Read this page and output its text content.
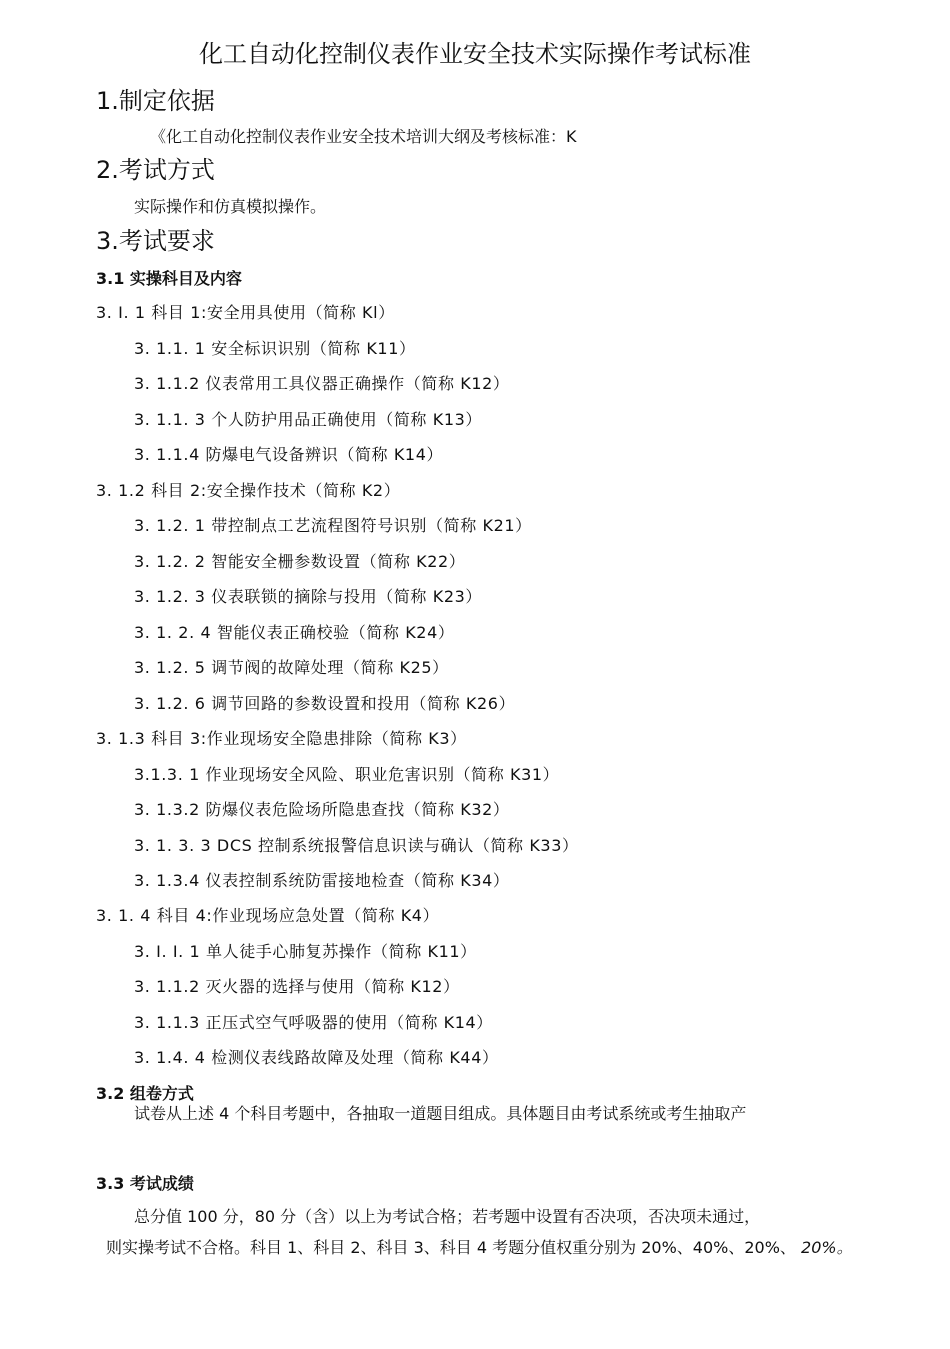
化工自动化控制仪表作业安全技术实际操作考试标准
1.制定依据
《化工自动化控制仪表作业安全技术培训大纲及考核标准：K
2.考试方式
实际操作和仿真模拟操作。
3.考试要求
3.1 实操科目及内容
3. I. 1 科目 1:安全用具使用（简称 Kl）
3. 1.1. 1 安全标识识别（简称 K11）
3. 1.1.2 仪表常用工具仪器正确操作（简称 K12）
3. 1.1. 3 个人防护用品正确使用（简称 K13）
3. 1.1.4 防爆电气设备辨识（简称 K14）
3. 1.2 科目 2:安全操作技术（简称 K2）
3. 1.2. 1 带控制点工艺流程图符号识别（简称 K21）
3. 1.2. 2 智能安全栅参数设置（简称 K22）
3. 1.2. 3 仪表联锁的摘除与投用（简称 K23）
3. 1. 2. 4 智能仪表正确校验（简称 K24）
3. 1.2. 5 调节阀的故障处理（简称 K25）
3. 1.2. 6 调节回路的参数设置和投用（简称 K26）
3. 1.3 科目 3:作业现场安全隐患排除（简称 K3）
3.1.3. 1 作业现场安全风险、职业危害识别（简称 K31）
3. 1.3.2 防爆仪表危险场所隐患查找（简称 K32）
3. 1. 3. 3 DCS 控制系统报警信息识读与确认（简称 K33）
3. 1.3.4 仪表控制系统防雷接地检查（简称 K34）
3. 1. 4 科目 4:作业现场应急处置（简称 K4）
3. I. I. 1 单人徒手心肺复苏操作（简称 K11）
3. 1.1.2 灭火器的选择与使用（简称 K12）
3. 1.1.3 正压式空气呼吸器的使用（简称 K14）
3. 1.4. 4 检测仪表线路故障及处理（简称 K44）
3.2 组卷方式
试卷从上述 4 个科目考题中，各抽取一道题目组成。具体题目由考试系统或考生抽取产
3.3 考试成绩
总分值 100 分，80 分（含）以上为考试合格；若考题中设置有否决项，否决项未通过，
则实操考试不合格。科目 1、科目 2、科目 3、科目 4 考题分值权重分别为 20%、40%、20%、 20%。
